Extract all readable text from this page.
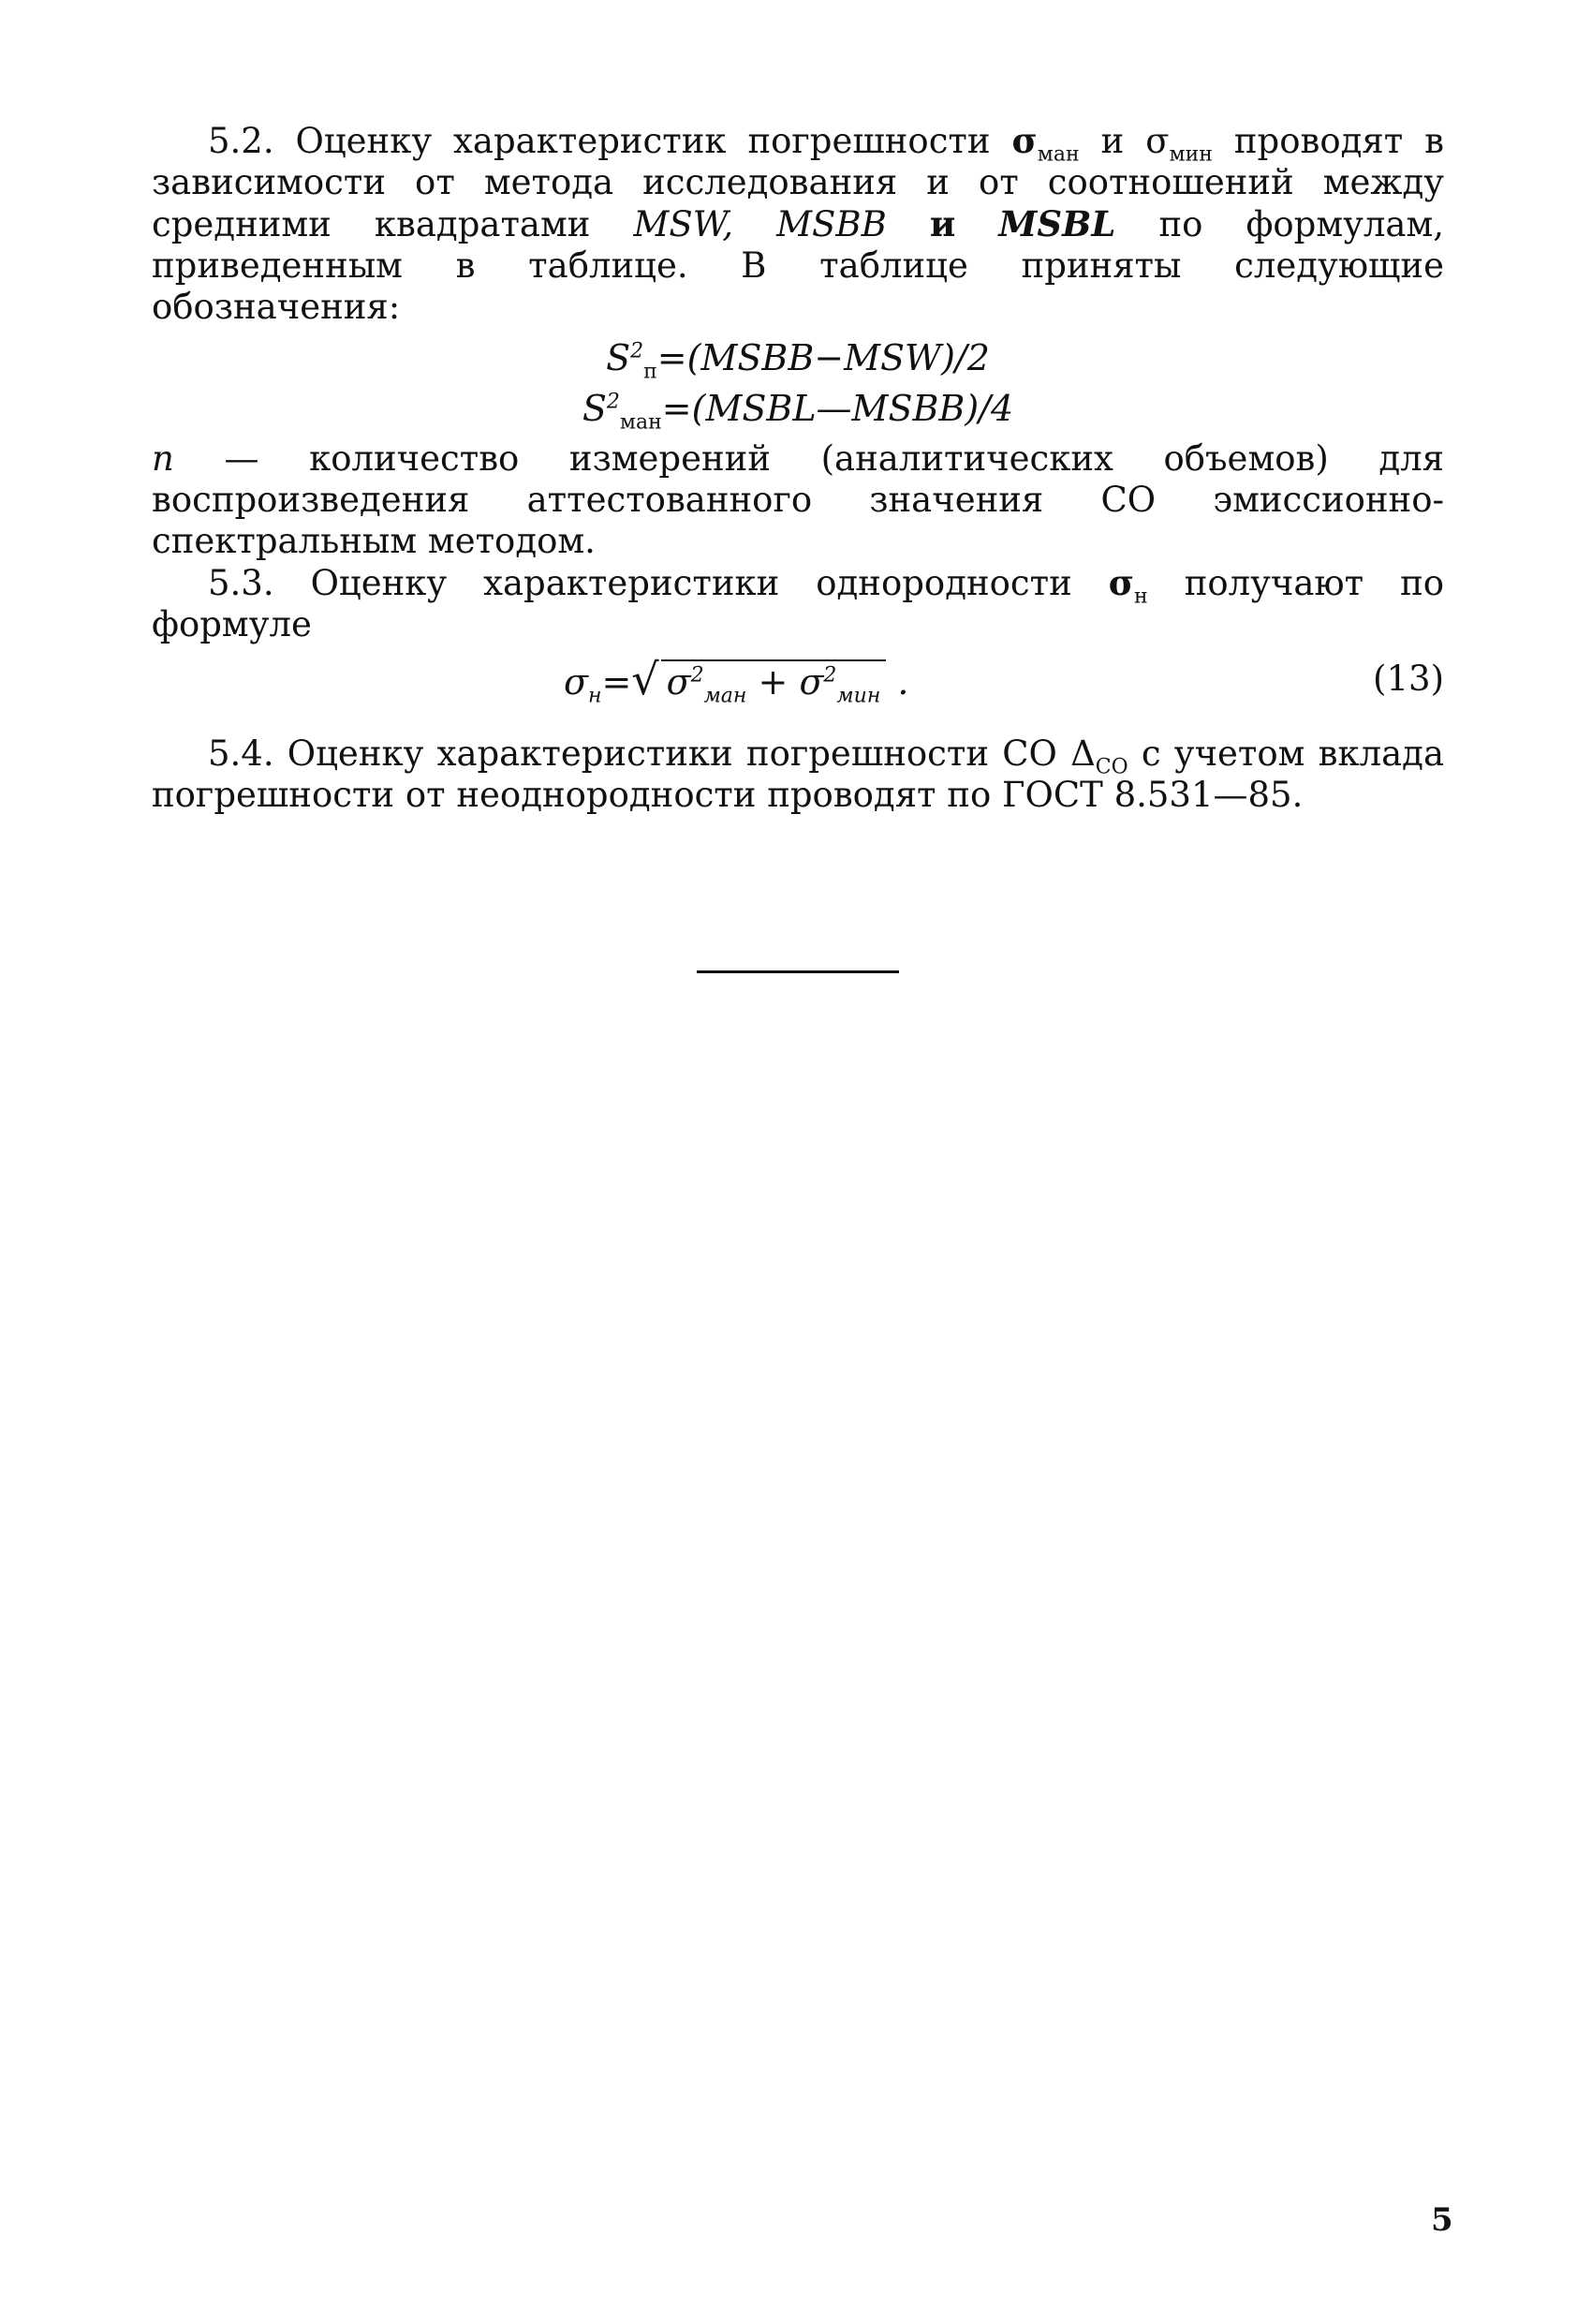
5.2. Оценку характеристик погрешности $\sigma_{ман}$ и $\sigma_{мин}$ проводят в зависимости от метода исследования и от соотношений между средними квадратами MSW, MSBB и MSBL по формулам, приведенным в таблице. В таблице приняты следующие обозначения:

$S^2_п=(MSBB-MSW)/2$
$S^2_{ман}=(MSBL—MSBB)/4$

n — количество измерений (аналитических объемов) для воспроизведения аттестованного значения СО эмиссионно-спектральным методом.

5.3. Оценку характеристики однородности $\sigma_н$ получают по формуле

$\sigma_н=√$ $\sigma^2_{ман} + \sigma^2_{мин}$ .	(13)

5.4. Оценку характеристики погрешности СО $\Delta_{СО}$ с учетом вклада погрешности от неоднородности проводят по ГОСТ 8.531—85.

5
